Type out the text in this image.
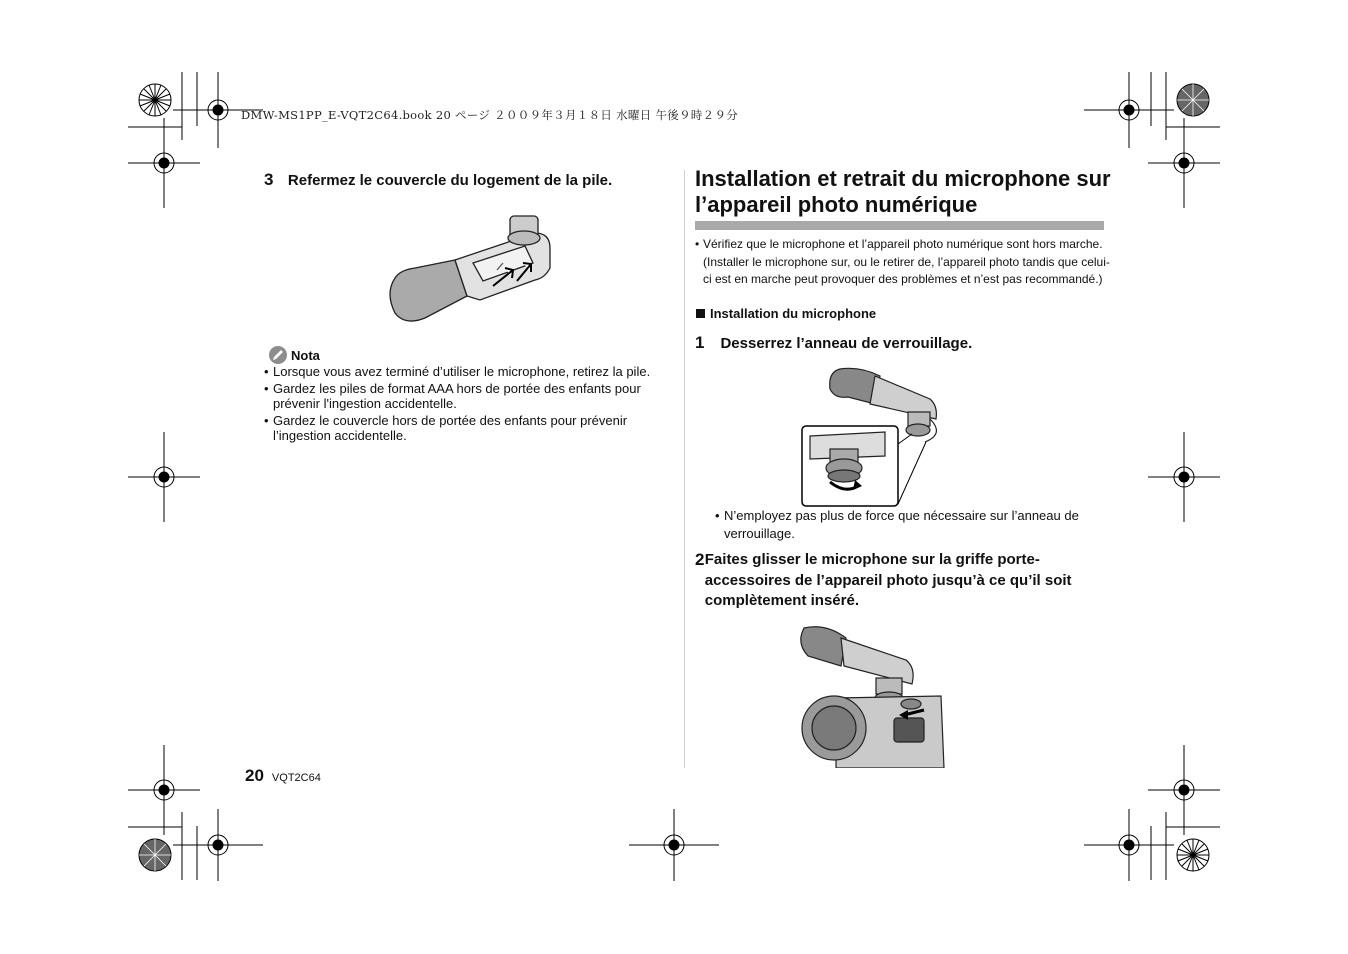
DMW-MS1PP_E-VQT2C64.book 20 ページ ２００９年３月１８日 水曜日 午後９時２９分
3 Refermez le couvercle du logement de la pile.
Nota
• Lorsque vous avez terminé d’utiliser le microphone, retirez la pile.
• Gardez les piles de format AAA hors de portée des enfants pour prévenir l'ingestion accidentelle.
• Gardez le couvercle hors de portée des enfants pour prévenir l’ingestion accidentelle.
Installation et retrait du microphone sur l’appareil photo numérique
• Vérifiez que le microphone et l’appareil photo numérique sont hors marche. (Installer le microphone sur, ou le retirer de, l’appareil photo tandis que celui-ci est en marche peut provoquer des problèmes et n’est pas recommandé.)
Installation du microphone
1 Desserrez l’anneau de verrouillage.
• N’employez pas plus de force que nécessaire sur l’anneau de verrouillage.
2 Faites glisser le microphone sur la griffe porte-accessoires de l’appareil photo jusqu’à ce qu’il soit complètement inséré.
20 VQT2C64
